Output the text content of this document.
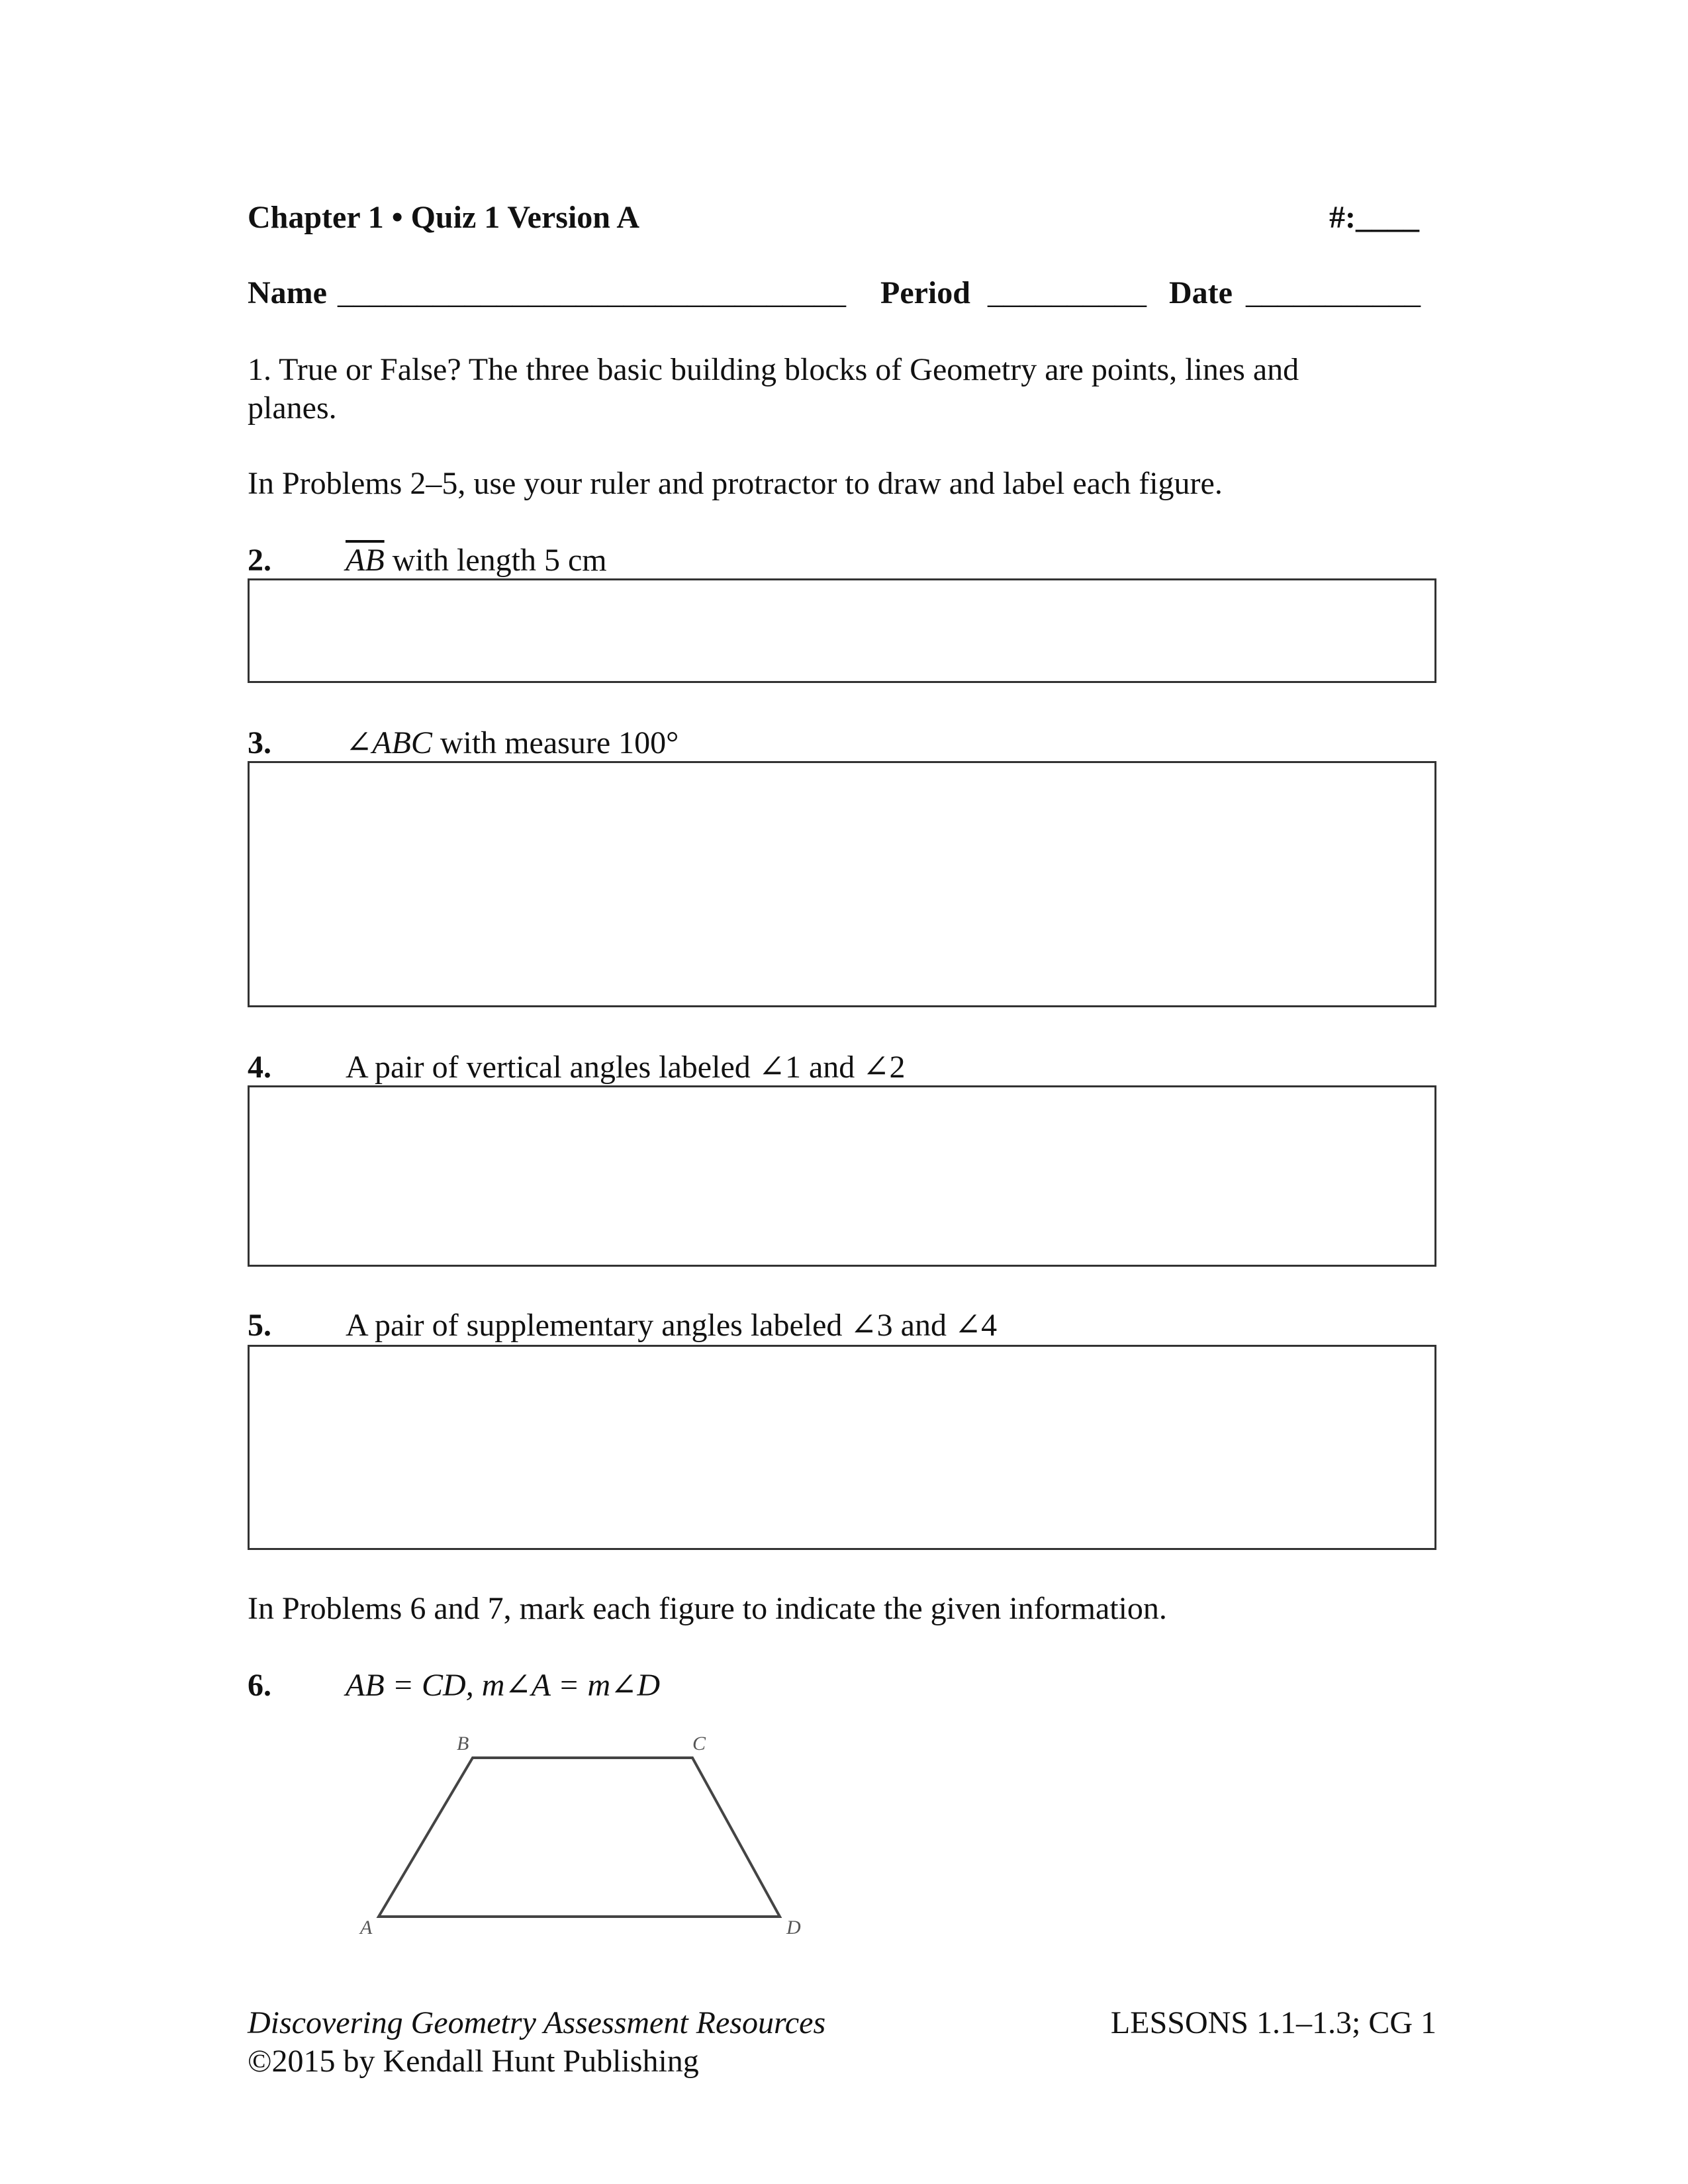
Chapter 1 • Quiz 1 Version A	#:____
Name ________________________________ Period __________ Date ___________
1. True or False? The three basic building blocks of Geometry are points, lines and
planes.
In Problems 2–5, use your ruler and protractor to draw and label each figure.
2. $\overline{AB}$ with length 5 cm
3. ∠ABC with measure 100°
4. A pair of vertical angles labeled ∠1 and ∠2
5. A pair of supplementary angles labeled ∠3 and ∠4
In Problems 6 and 7, mark each figure to indicate the given information.
6. AB = CD, m∠A = m∠D
A
B	C
D
Discovering Geometry Assessment Resources
©2015 by Kendall Hunt Publishing
LESSONS 1.1–1.3; CG 1
